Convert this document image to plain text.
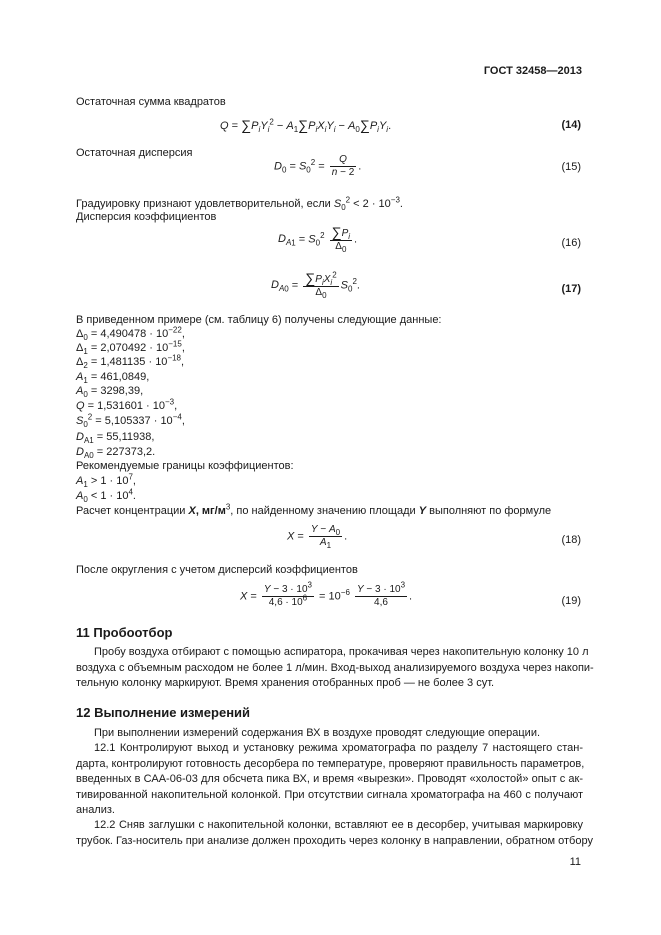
ГОСТ 32458—2013
Остаточная сумма квадратов
$Q = \sum P_iY_i^2 - A_1\sum P_iX_iY_i - A_0\sum P_iY_i$.	(14)
Остаточная дисперсия
$D_0 = S_0^2 = \frac{Q}{n - 2}$ .	(15)
Градуировку признают удовлетворительной, если $S_0^2 < 2 \cdot 10^{-3}$.
Дисперсия коэффициентов
$D_{A1} = S_0^2 \frac{\sum P_i}{\Delta_0}$ .	(16)
$D_{A0} = \frac{\sum P_iX_i^2}{\Delta_0} S_0^2$.	(17)
В приведенном примере (см. таблицу 6) получены следующие данные:
$\Delta_0 = 4,490478 \cdot 10^{-22}$,
$\Delta_1 = 2,070492 \cdot 10^{-15}$,
$\Delta_2 = 1,481135 \cdot 10^{-18}$,
$A_1 = 461,0849$,
$A_0 = 3298,39$,
$Q = 1,531601 \cdot 10^{-3}$,
$S_0^2 = 5,105337 \cdot 10^{-4}$,
$D_{A1} = 55,11938$,
$D_{A0} = 227373,2$.
Рекомендуемые границы коэффициентов:
$A_1 > 1 \cdot 10^7$,
$A_0 < 1 \cdot 10^4$.
Расчет концентрации X, $мг/м^3$, по найденному значению площади Y выполняют по формуле
$X = \frac{Y - A_0}{A_1}$ .	(18)
После округления с учетом дисперсий коэффициентов
$X = \frac{Y - 3 \cdot 10^3}{4,6 \cdot 10^6} = 10^{-6} \frac{Y - 3 \cdot 10^3}{4,6}$ .	(19)
11 Пробоотбор
Пробу воздуха отбирают с помощью аспиратора, прокачивая через накопительную колонку 10 л
воздуха с объемным расходом не более 1 л/мин. Вход-выход анализируемого воздуха через накопи-
тельную колонку маркируют. Время хранения отобранных проб — не более 3 сут.
12 Выполнение измерений
При выполнении измерений содержания ВХ в воздухе проводят следующие операции.
12.1 Контролируют выход и установку режима хроматографа по разделу 7 настоящего стан-
дарта, контролируют готовность десорбера по температуре, проверяют правильность параметров,
введенных в САА-06-03 для обсчета пика ВХ, и время «вырезки». Проводят «холостой» опыт с ак-
тивированной накопительной колонкой. При отсутствии сигнала хроматографа на 460 с получают
анализ.
12.2 Сняв заглушки с накопительной колонки, вставляют ее в десорбер, учитывая маркировку
трубок. Газ-носитель при анализе должен проходить через колонку в направлении, обратном отбору
11
